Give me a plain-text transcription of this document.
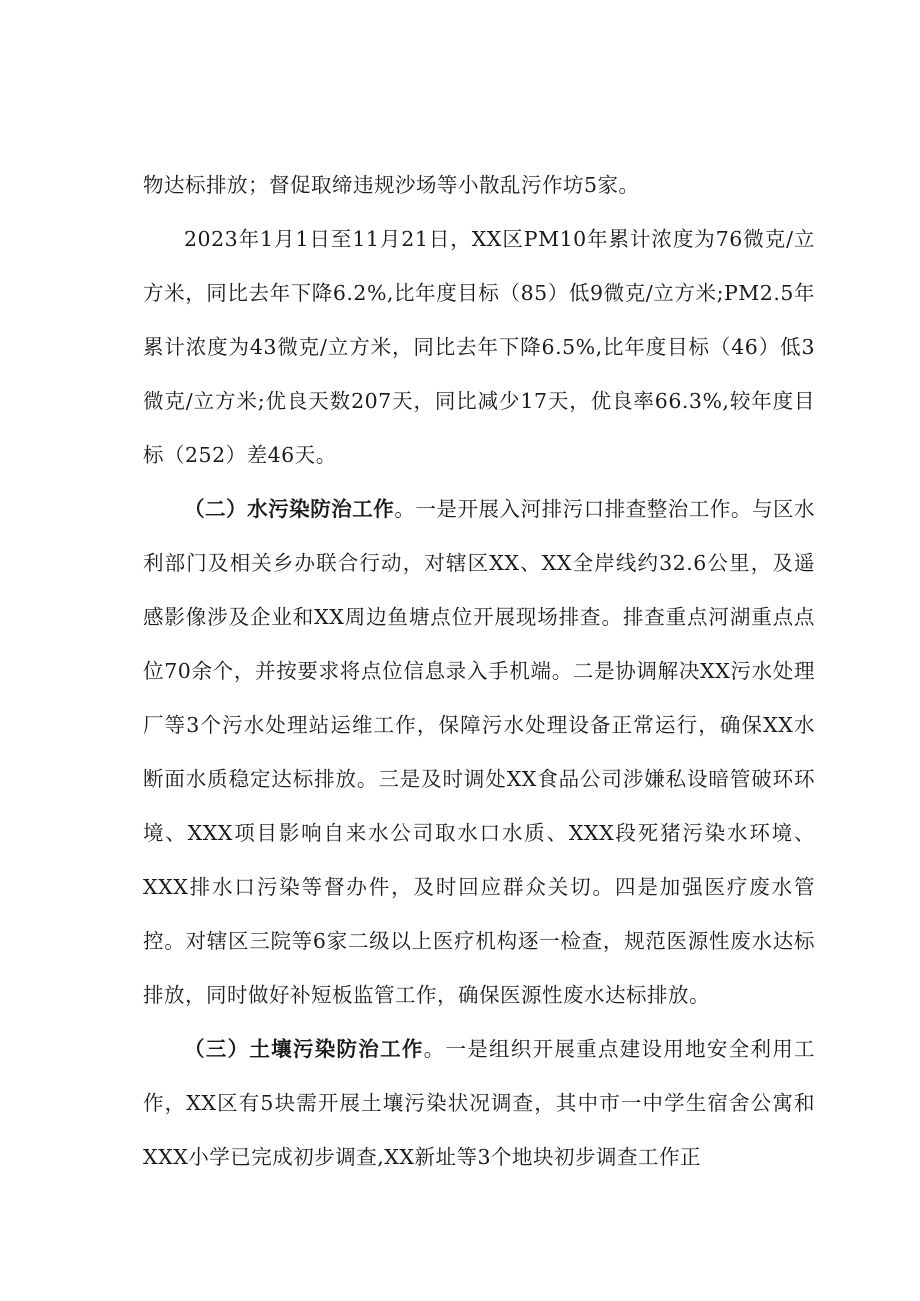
物达标排放；督促取缔违规沙场等小散乱污作坊5家。

2023年1月1日至11月21日，XX区PM10年累计浓度为76微克/立方米，同比去年下降6.2%,比年度目标（85）低9微克/立方米;PM2.5年累计浓度为43微克/立方米，同比去年下降6.5%,比年度目标（46）低3微克/立方米;优良天数207天，同比减少17天，优良率66.3%,较年度目标（252）差46天。

（二）水污染防治工作。一是开展入河排污口排查整治工作。与区水利部门及相关乡办联合行动，对辖区XX、XX全岸线约32.6公里，及遥感影像涉及企业和XX周边鱼塘点位开展现场排查。排查重点河湖重点点位70余个，并按要求将点位信息录入手机端。二是协调解决XX污水处理厂等3个污水处理站运维工作，保障污水处理设备正常运行，确保XX水断面水质稳定达标排放。三是及时调处XX食品公司涉嫌私设暗管破环环境、XXX项目影响自来水公司取水口水质、XXX段死猪污染水环境、XXX排水口污染等督办件，及时回应群众关切。四是加强医疗废水管控。对辖区三院等6家二级以上医疗机构逐一检查，规范医源性废水达标排放，同时做好补短板监管工作，确保医源性废水达标排放。

（三）土壤污染防治工作。一是组织开展重点建设用地安全利用工作，XX区有5块需开展土壤污染状况调查，其中市一中学生宿舍公寓和XXX小学已完成初步调查,XX新址等3个地块初步调查工作正
